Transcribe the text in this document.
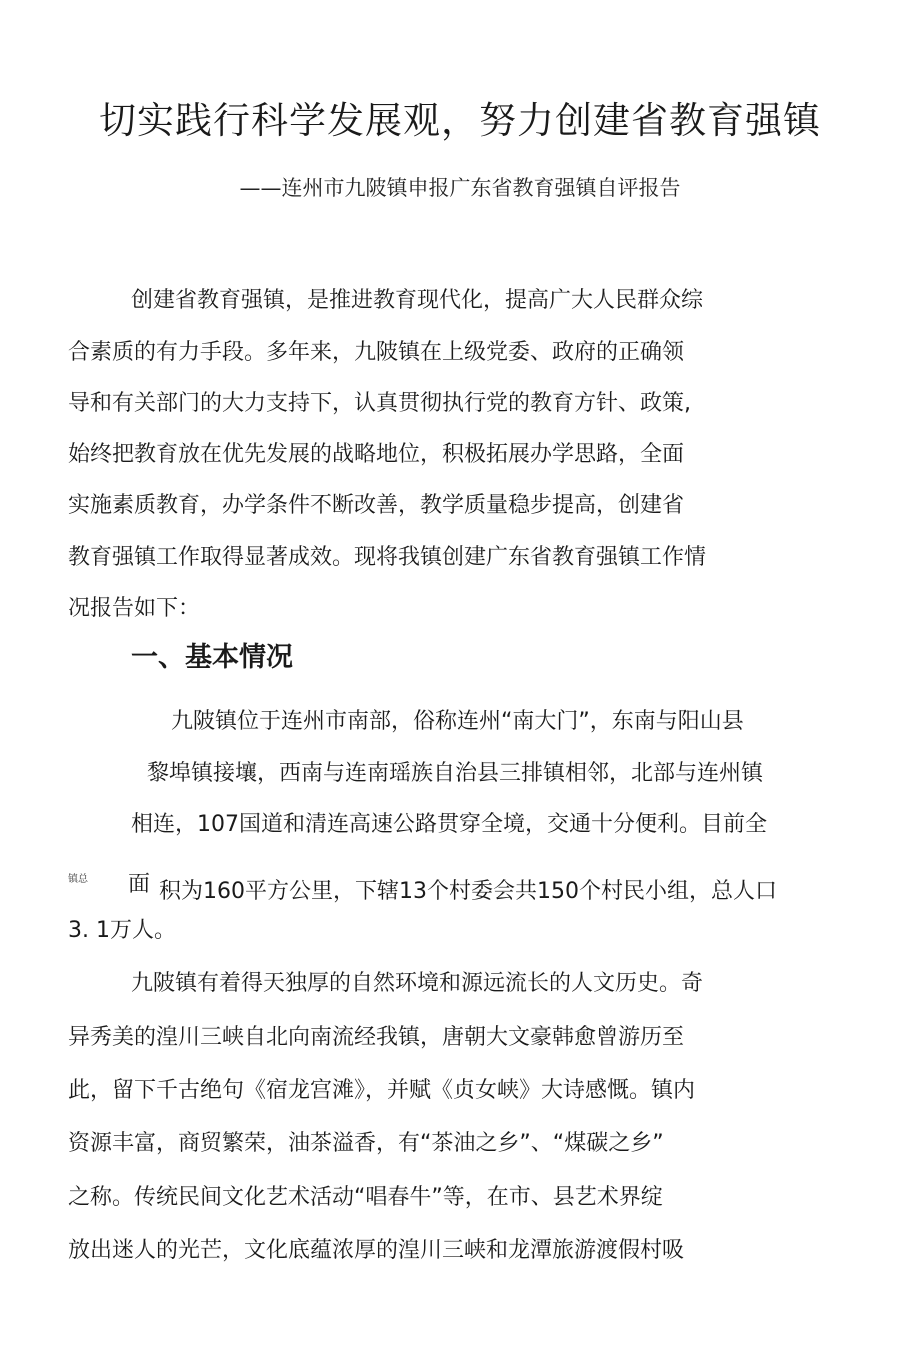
切实践行科学发展观，努力创建省教育强镇

——连州市九陂镇申报广东省教育强镇自评报告

创建省教育强镇，是推进教育现代化，提高广大人民群众综

合素质的有力手段。多年来，九陂镇在上级党委、政府的正确领

导和有关部门的大力支持下，认真贯彻执行党的教育方针、政策,

始终把教育放在优先发展的战略地位，积极拓展办学思路，全面

实施素质教育，办学条件不断改善，教学质量稳步提高，创建省

教育强镇工作取得显著成效。现将我镇创建广东省教育强镇工作情

况报告如下：

一、基本情况

九陂镇位于连州市南部，俗称连州“南大门”，东南与阳山县

黎埠镇接壤，西南与连南瑶族自治县三排镇相邻，北部与连州镇

相连，107国道和清连高速公路贯穿全境，交通十分便利。目前全

镇总 面 积为160平方公里，下辖13个村委会共150个村民小组，总人口

3. 1万人。

九陂镇有着得天独厚的自然环境和源远流长的人文历史。奇

异秀美的湟川三峡自北向南流经我镇，唐朝大文豪韩愈曾游历至

此，留下千古绝句《宿龙宫滩》，并赋《贞女峡》大诗感慨。镇内

资源丰富，商贸繁荣，油茶溢香，有“茶油之乡”、“煤碳之乡”

之称。传统民间文化艺术活动“唱春牛”等，在市、县艺术界绽

放出迷人的光芒，文化底蕴浓厚的湟川三峡和龙潭旅游渡假村吸
